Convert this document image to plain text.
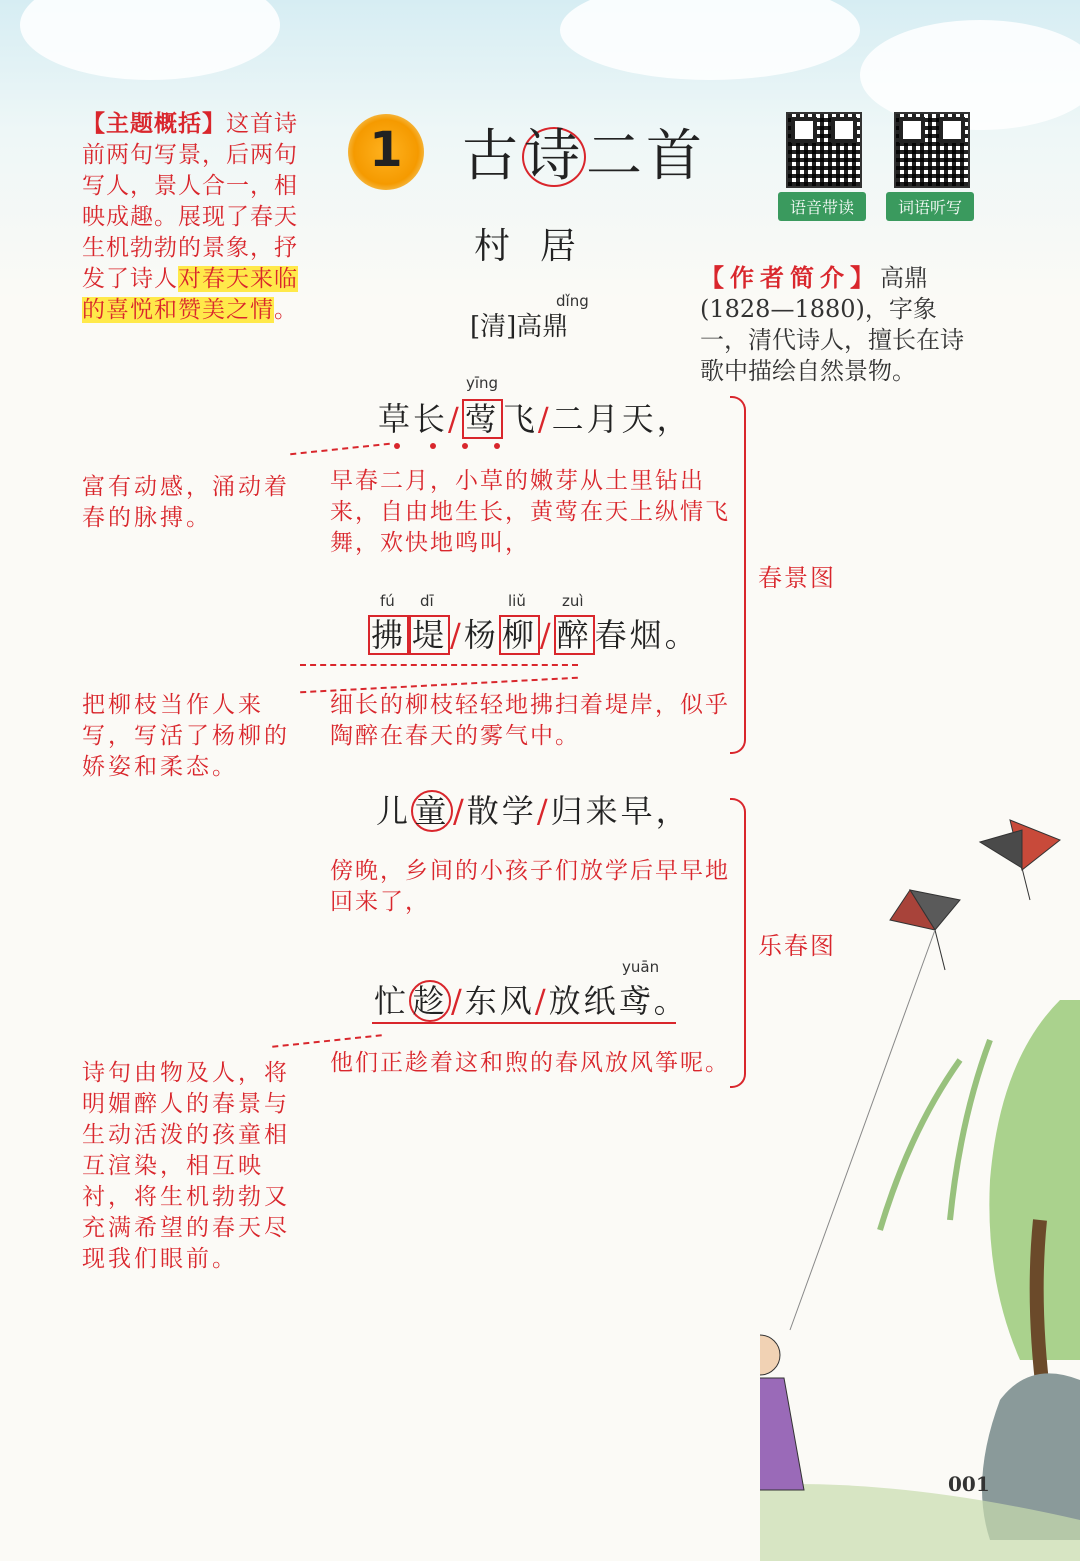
【主题概括】这首诗前两句写景，后两句写人，景人合一，相映成趣。展现了春天生机勃勃的景象，抒发了诗人对春天来临的喜悦和赞美之情。
1	古诗二首
语音带读	词语听写
村居
dǐng
[清]高鼎
【作者简介】高鼎(1828—1880)，字象一，清代诗人，擅长在诗歌中描绘自然景物。
yīng
草长/莺飞/二月天，
早春二月，小草的嫩芽从土里钻出来，自由地生长，黄莺在天上纵情飞舞，欢快地鸣叫，
富有动感，涌动着春的脉搏。
fú dī	liǔ zuì
拂 堤/杨柳/醉春烟。
细长的柳枝轻轻地拂扫着堤岸，似乎陶醉在春天的雾气中。
把柳枝当作人来写，写活了杨柳的娇姿和柔态。
春景图
儿 童 /散学/归来早，
傍晚，乡间的小孩子们放学后早早地回来了，
yuān
忙 趁 /东风/放纸鸢。
他们正趁着这和煦的春风放风筝呢。
诗句由物及人，将明媚醉人的春景与生动活泼的孩童相互渲染，相互映衬，将生机勃勃又充满希望的春天尽现我们眼前。
乐春图
001
